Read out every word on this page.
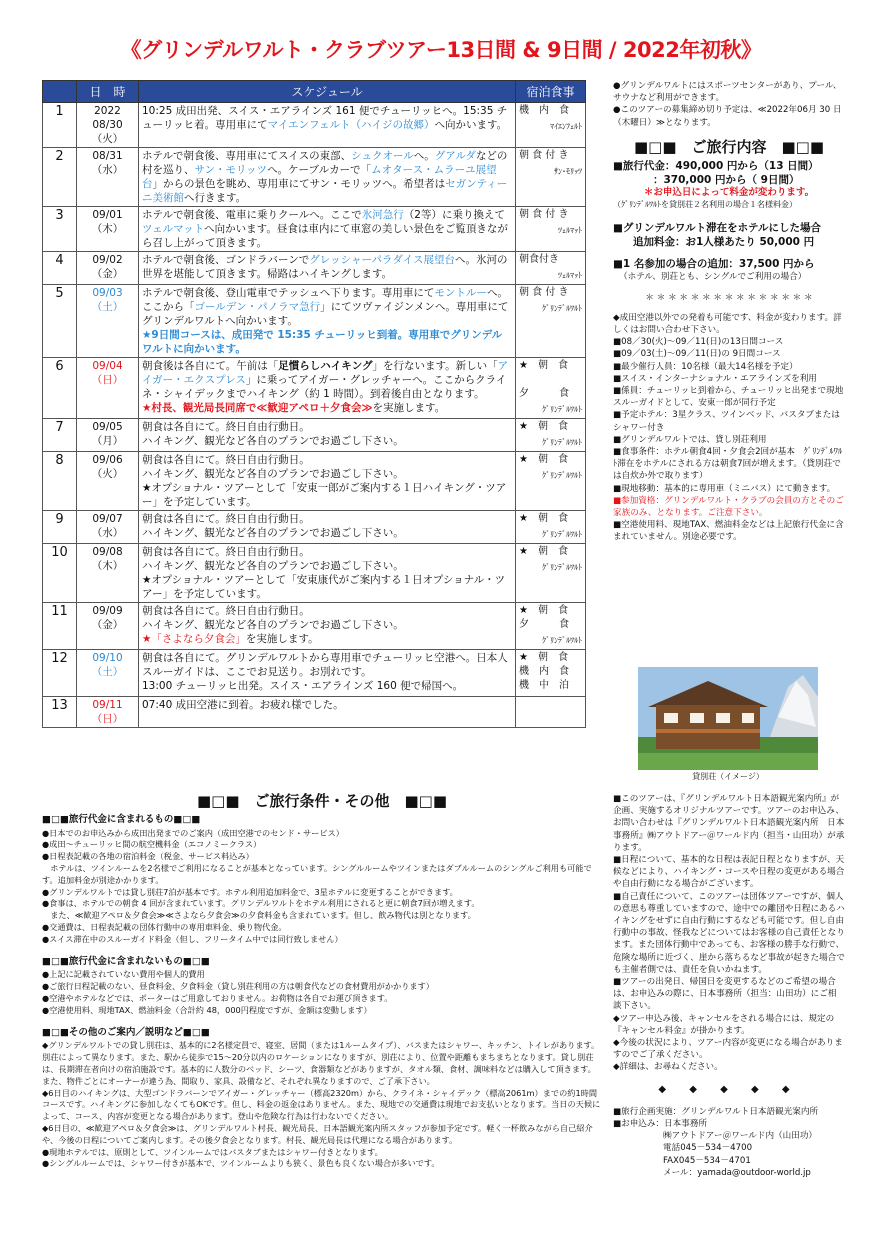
《グリンデルワルト・クラブツアー13日間 & 9日間 / 2022年初秋》
	日　時	スケジュール	宿泊食事
1	2022
08/30
（火）	10:25 成田出発、スイス・エアラインズ 161 便でチューリッヒへ。15:35 チューリッヒ着。専用車にてマイエンフェルト（ハイジの故郷）へ向かいます。	機　内　食
ﾏｲｴﾝﾌｪﾙﾄ

2	08/31
（水）	ホテルで朝食後、専用車にてスイスの東部、シュクオールへ。グアルダなどの村を巡り、サン・モリッツへ。ケーブルカーで「ムオタース・ムラーユ展望台」からの景色を眺め、専用車にてサン・モリッツへ。希望者はセガンティーニ美術館へ行きます。	朝 食 付 き
ｻﾝ･ﾓﾘｯﾂ

3	09/01
（木）	ホテルで朝食後、電車に乗りクールへ。ここで氷河急行（2等）に乗り換えてツェルマットへ向かいます。昼食は車内にて車窓の美しい景色をご覧頂きながら召し上がって頂きます。	朝 食 付 き
ﾂｪﾙﾏｯﾄ

4	09/02
（金）	ホテルで朝食後、ゴンドラバーンでグレッシャーパラダイス展望台へ。氷河の世界を堪能して頂きます。帰路はハイキングします。	朝食付き
ﾂｪﾙﾏｯﾄ

5	09/03
（土）	ホテルで朝食後、登山電車でテッシュへ下ります。専用車にてモントルーへ。ここから「ゴールデン・パノラマ急行」にてツヴァイジンメンへ。専用車にてグリンデルワルトへ向かいます。
★9日間コースは、成田発で 15:35 チューリッヒ到着。専用車でグリンデルワルトに向かいます。	朝 食 付 き
ｸﾞﾘﾝﾃﾞﾙﾜﾙﾄ

6	09/04
（日）	朝食後は各自にて。午前は「足慣らしハイキング」を行ないます。新しい「アイガー・エクスプレス」に乗ってアイガー・グレッチャーへ。ここからクライネ・シャイデックまでハイキング（約 1 時間）。到着後自由となります。
★村長、観光局長同席で≪歓迎アペロ＋夕食会≫を実施します。	★　朝　食

夕　　　食
ｸﾞﾘﾝﾃﾞﾙﾜﾙﾄ

7	09/05
（月）	朝食は各自にて。終日自由行動日。
ハイキング、観光など各自のプランでお過ごし下さい。	★　朝　食
ｸﾞﾘﾝﾃﾞﾙﾜﾙﾄ

8	09/06
（火）	朝食は各自にて。終日自由行動日。
ハイキング、観光など各自のプランでお過ごし下さい。
★オプショナル・ツアーとして「安東一郎がご案内する１日ハイキング・ツアー」を予定しています。	★　朝　食
ｸﾞﾘﾝﾃﾞﾙﾜﾙﾄ

9	09/07
（水）	朝食は各自にて。終日自由行動日。
ハイキング、観光など各自のプランでお過ごし下さい。	★　朝　食
ｸﾞﾘﾝﾃﾞﾙﾜﾙﾄ

10	09/08
（木）	朝食は各自にて。終日自由行動日。
ハイキング、観光など各自のプランでお過ごし下さい。
★オプショナル・ツアーとして「安東康代がご案内する１日オプショナル・ツアー」を予定しています。	★　朝　食
ｸﾞﾘﾝﾃﾞﾙﾜﾙﾄ

11	09/09
（金）	朝食は各自にて。終日自由行動日。
ハイキング、観光など各自のプランでお過ごし下さい。
★「さよなら夕食会」を実施します。	★　朝　食
夕　　　食
ｸﾞﾘﾝﾃﾞﾙﾜﾙﾄ

12	09/10
（土）	朝食は各自にて。グリンデルワルトから専用車でチューリッヒ空港へ。日本人スルーガイドは、ここでお見送り。お別れです。
13:00 チューリッヒ出発。スイス・エアラインズ 160 便で帰国へ。	★　朝　食
機　内　食
機　中　泊

13	09/11
（日）	07:40 成田空港に到着。お疲れ様でした。	

●グリンデルワルトにはスポーツセンターがあり、プール、サウナなど利用ができます。

●このツアーの募集締め切り予定は、≪2022年06月 30 日（木曜日）≫となります。

■□■　ご旅行内容　■□■

■旅行代金：490,000 円から（13 日間）

：370,000 円から（ 9日間）

＊お申込日によって料金が変わります。

（ｸﾞﾘﾝﾃﾞﾙﾜﾙﾄを貸別荘２名利用の場合１名様料金）

■グリンデルワルト滞在をホテルにした場合

追加料金：お1人様あたり 50,000 円

■1 名参加の場合の追加：37,500 円から

（ホテル、別荘とも、シングルでご利用の場合）

＊ ＊ ＊ ＊ ＊ ＊ ＊ ＊ ＊ ＊ ＊ ＊ ＊ ＊ ＊

◆成田空港以外での発着も可能です、料金が変わります。詳しくはお問い合わせ下さい。

■08／30(火)～09／11(日)の13日間コース

■09／03(土)～09／11(日)の 9日間コース

■最少催行人員：10名様（最大14名様を予定）

■スイス・インターナショナル・エアラインズを利用

■係員：チューリッヒ到着から、チューリッヒ出発まで現地スルーガイドとして、安東一郎が同行予定

■予定ホテル：3星クラス、ツインベッド、バスタブまたはシャワー付き

■グリンデルワルトでは、貸し別荘利用

■食事条件：ホテル朝食4回・夕食会2回が基本　ｸﾞﾘﾝﾃﾞﾙﾜﾙﾄ滞在をホテルにされる方は朝食7回が増えます。（貸別荘では自炊か外で取ります）

■現地移動：基本的に専用車（ミニバス）にて動きます。

■参加資格：グリンデルワルト・クラブの会員の方とそのご家族のみ、となります。ご注意下さい。

■空港使用料、現地TAX、燃油料金などは上記旅行代金に含まれていません。別途必要です。

貸別荘（イメージ）

■このツアーは、『グリンデルワルト日本語観光案内所』が企画、実施するオリジナルツアーです。ツアーのお申込み、お問い合わせは『グリンデルワルト日本語観光案内所　日本事務所』㈱アウトドアー＠ワールド内（担当・山田功）が承ります。

■日程について、基本的な日程は表記日程となりますが、天候などにより、ハイキング・コースや日程の変更がある場合や自由行動になる場合がございます。

■自己責任について、このツアーは団体ツアーですが、個人の意思も尊重していますので、途中での離団や日程にあるハイキングをせずに自由行動にするなども可能です。但し自由行動中の事故、怪我などについてはお客様の自己責任となります。また団体行動中であっても、お客様の勝手な行動で、危険な場所に近づく、崖から落ちるなど事故が起きた場合でも主催者側では、責任を負いかねます。

■ツアーの出発日、帰国日を変更するなどのご希望の場合は、お申込みの際に、日本事務所（担当：山田功）にご相談下さい。

◆ツアー申込み後、キャンセルをされる場合には、規定の『キャンセル料金』が掛かります。

◆今後の状況により、ツアー内容が変更になる場合がありますのでご了承ください。

◆詳細は、お尋ねください。

◆ ◆ ◆ ◆ ◆

■旅行企画実施：グリンデルワルト日本語観光案内所

■お申込み：日本事務所

㈱アウトドアー＠ワールド内（山田功）

電話045－534－4700

FAX045－534－4701

メール：yamada@outdoor-world.jp

■□■　ご旅行条件・その他　■□■
■□■旅行代金に含まれるもの■□■

●日本でのお申込みから成田出発までのご案内（成田空港でのセンド・サービス）

●成田～チューリッヒ間の航空機料金（エコノミークラス）

●日程表記載の各地の宿泊料金（税金、サービス料込み）

　ホテルは、ツインルームを2名様でご利用になることが基本となっています。シングルルームやツインまたはダブルルームのシングルご利用も可能です。追加料金が別途かかります。

●グリンデルワルトでは貸し別荘7泊が基本です。ホテル利用追加料金で、3星ホテルに変更することができます。

●食事は、ホテルでの朝食 4 回が含まれています。グリンデルワルトをホテル利用にされると更に朝食7回が増えます。

　また、≪歓迎アペロ＆夕食会≫≪さよなら夕食会≫の夕食料金も含まれています。但し、飲み物代は別となります。

●交通費は、日程表記載の団体行動中の専用車料金、乗り物代金。

●スイス滞在中のスルーガイド料金（但し、フリータイム中では同行致しません）

■□■旅行代金に含まれないもの■□■

●上記に記載されていない費用や個人的費用

●ご旅行日程記載のない、昼食料金、夕食料金（貸し別荘利用の方は朝食代などの食材費用がかかります）

●空港やホテルなどでは、ポーターはご用意しておりません。お荷物は各自でお運び頂きます。

●空港使用料、現地TAX、燃油料金（合計約 48，000円程度ですが、金額は変動します）

■□■その他のご案内／説明など■□■

◆グリンデルワルトでの貸し別荘は、基本的に2名様定員で、寝室、居間（または1ルームタイプ）、バスまたはシャワー、キッチン、トイレがあります。別荘によって異なります。また、駅から徒歩で15～20分以内のロケーションになりますが、別荘により、位置や距離もまちまちとなります。貸し別荘は、長期滞在者向けの宿泊施設です。基本的に人数分のベッド、シーツ、食器類などがありますが、タオル類、食材、調味料などは購入して頂きます。また、物件ごとにオーナーが違う為、間取り、家具、設備など、それぞれ異なりますので、ご了承下さい。

◆6日目のハイキングは、大型ゴンドラバーンでアイガー・グレッチャー（標高2320m）から、クライネ・シャイデック（標高2061m）までの約1時間コースです。ハイキングに参加しなくてもOKです。但し、料金の返金はありません。また、現地での交通費は現地でお支払いとなります。当日の天候によって、コース、内容が変更となる場合があります。登山や危険な行為は行わないでください。

◆6日目の、≪歓迎アペロ＆夕食会≫は、グリンデルワルト村長、観光局長、日本語観光案内所スタッフが参加予定です。軽く一杯飲みながら自己紹介や、今後の日程についてご案内します。その後夕食会となります。村長、観光局長は代理になる場合があります。

●現地ホテルでは、原則として、ツインルームではバスタブまたはシャワー付きとなります。

●シングルルームでは、シャワー付きが基本で、ツインルームよりも狭く、景色も良くない場合が多いです。
